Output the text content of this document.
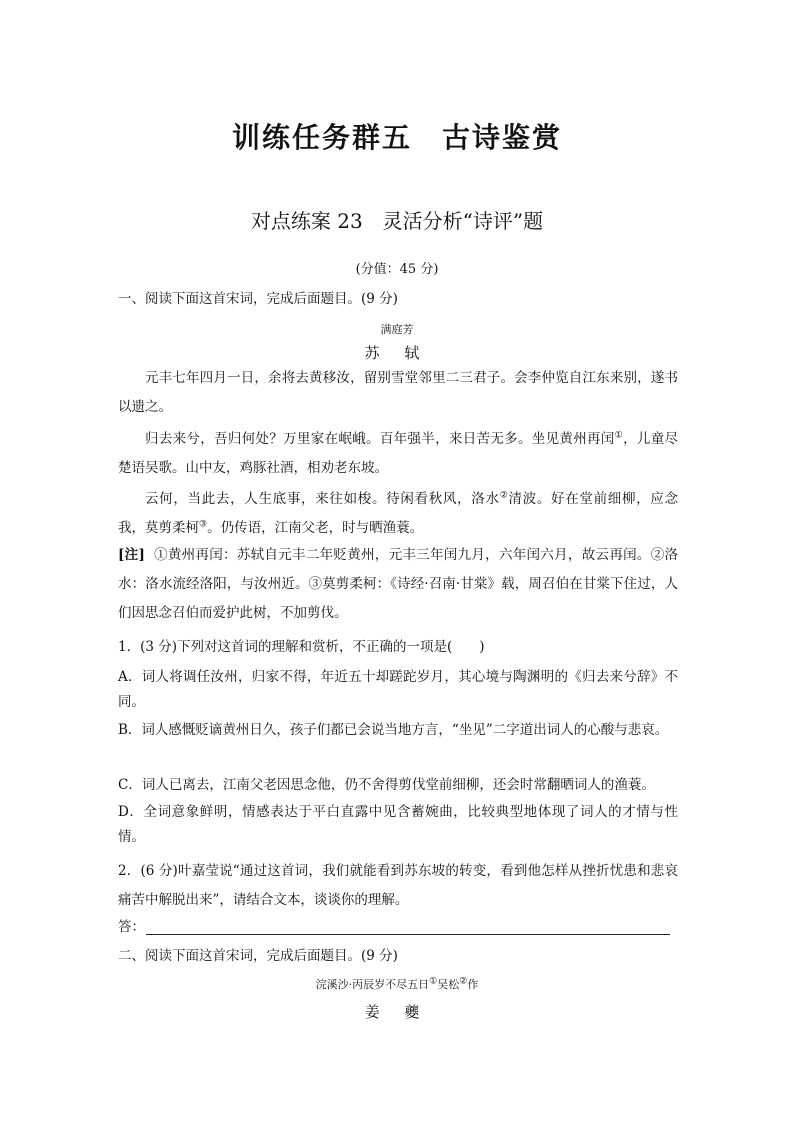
训练任务群五　古诗鉴赏
对点练案 23　灵活分析“诗评”题
(分值：45 分)
一、阅读下面这首宋词，完成后面题目。(9 分)
满庭芳
苏 轼
元丰七年四月一日，余将去黄移汝，留别雪堂邻里二三君子。会李仲览自江东来别，遂书以遗之。
归去来兮，吾归何处？万里家在岷峨。百年强半，来日苦无多。坐见黄州再闰①，儿童尽楚语吴歌。山中友，鸡豚社酒，相劝老东坡。
云何，当此去，人生底事，来往如梭。待闲看秋风，洛水②清波。好在堂前细柳，应念我，莫剪柔柯③。仍传语，江南父老，时与晒渔蓑。
[注] ①黄州再闰：苏轼自元丰二年贬黄州，元丰三年闰九月，六年闰六月，故云再闰。②洛水：洛水流经洛阳，与汝州近。③莫剪柔柯：《诗经·召南·甘棠》载，周召伯在甘棠下住过，人们因思念召伯而爱护此树，不加剪伐。
1．(3 分)下列对这首词的理解和赏析，不正确的一项是(　　)
A．词人将调任汝州，归家不得，年近五十却蹉跎岁月，其心境与陶渊明的《归去来兮辞》不同。
B．词人感慨贬谪黄州日久，孩子们都已会说当地方言，“坐见”二字道出词人的心酸与悲哀。
C．词人已离去，江南父老因思念他，仍不舍得剪伐堂前细柳，还会时常翻晒词人的渔蓑。
D．全词意象鲜明，情感表达于平白直露中见含蓄婉曲，比较典型地体现了词人的才情与性情。
2．(6 分)叶嘉莹说“通过这首词，我们就能看到苏东坡的转变，看到他怎样从挫折忧患和悲哀痛苦中解脱出来”，请结合文本，谈谈你的理解。
答：
二、阅读下面这首宋词，完成后面题目。(9 分)
浣溪沙·丙辰岁不尽五日①吴松②作
姜 夔
